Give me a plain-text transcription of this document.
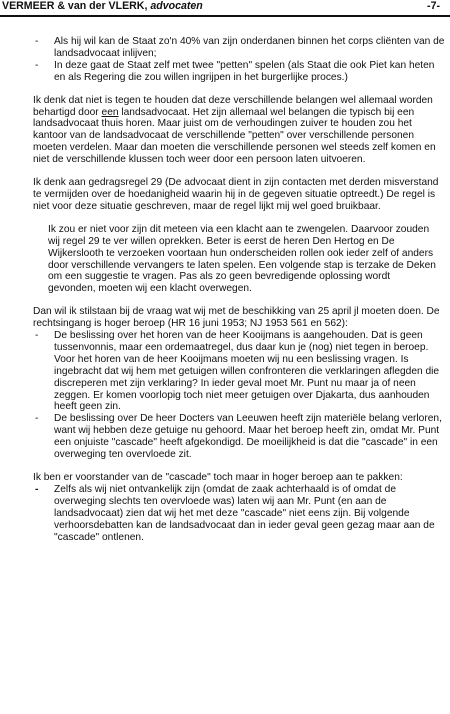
VERMEER & van der VLERK, advocaten	-7-
- Als hij wil kan de Staat zo'n 40% van zijn onderdanen binnen het corps cliënten van de landsadvocaat inlijven;
- In deze gaat de Staat zelf met twee "petten" spelen (als Staat die ook Piet kan heten en als Regering die zou willen ingrijpen in het burgerlijke proces.)

Ik denk dat niet is tegen te houden dat deze verschillende belangen wel allemaal worden behartigd door een landsadvocaat. Het zijn allemaal wel belangen die typisch bij een landsadvocaat thuis horen. Maar juist om de verhoudingen zuiver te houden zou het kantoor van de landsadvocaat de verschillende "petten" over verschillende personen moeten verdelen. Maar dan moeten die verschillende personen wel steeds zelf komen en niet de verschillende klussen toch weer door een persoon laten uitvoeren.

Ik denk aan gedragsregel 29 (De advocaat dient in zijn contacten met derden misverstand te vermijden over de hoedanigheid waarin hij in de gegeven situatie optreedt.) De regel is niet voor deze situatie geschreven, maar de regel lijkt mij wel goed bruikbaar.

Ik zou er niet voor zijn dit meteen via een klacht aan te zwengelen. Daarvoor zouden wij regel 29 te ver willen oprekken. Beter is eerst de heren Den Hertog en De Wijkerslooth te verzoeken voortaan hun onderscheiden rollen ook ieder zelf of anders door verschillende vervangers te laten spelen. Een volgende stap is terzake de Deken om een suggestie te vragen. Pas als zo geen bevredigende oplossing wordt gevonden, moeten wij een klacht overwegen.

Dan wil ik stilstaan bij de vraag wat wij met de beschikking van 25 april jl moeten doen. De rechtsingang is hoger beroep (HR 16 juni 1953; NJ 1953 561 en 562):

- De beslissing over het horen van de heer Kooijmans is aangehouden. Dat is geen tussenvonnis, maar een ordemaatregel, dus daar kun je (nog) niet tegen in beroep. Voor het horen van de heer Kooijmans moeten wij nu een beslissing vragen. Is ingebracht dat wij hem met getuigen willen confronteren die verklaringen aflegden die discreperen met zijn verklaring? In ieder geval moet Mr. Punt nu maar ja of neen zeggen. Er komen voorlopig toch niet meer getuigen over Djakarta, dus aanhouden heeft geen zin.
- De beslissing over De heer Docters van Leeuwen heeft zijn materiële belang verloren, want wij hebben deze getuige nu gehoord. Maar het beroep heeft zin, omdat Mr. Punt een onjuiste "cascade" heeft afgekondigd. De moeilijkheid is dat die "cascade" in een overweging ten overvloede zit.

Ik ben er voorstander van de "cascade" toch maar in hoger beroep aan te pakken:

- Zelfs als wij niet ontvankelijk zijn (omdat de zaak achterhaald is of omdat de overweging slechts ten overvloede was) laten wij aan Mr. Punt (en aan de landsadvocaat) zien dat wij het met deze "cascade" niet eens zijn. Bij volgende verhoorsdebatten kan de landsadvocaat dan in ieder geval geen gezag maar aan de "cascade" ontlenen.
